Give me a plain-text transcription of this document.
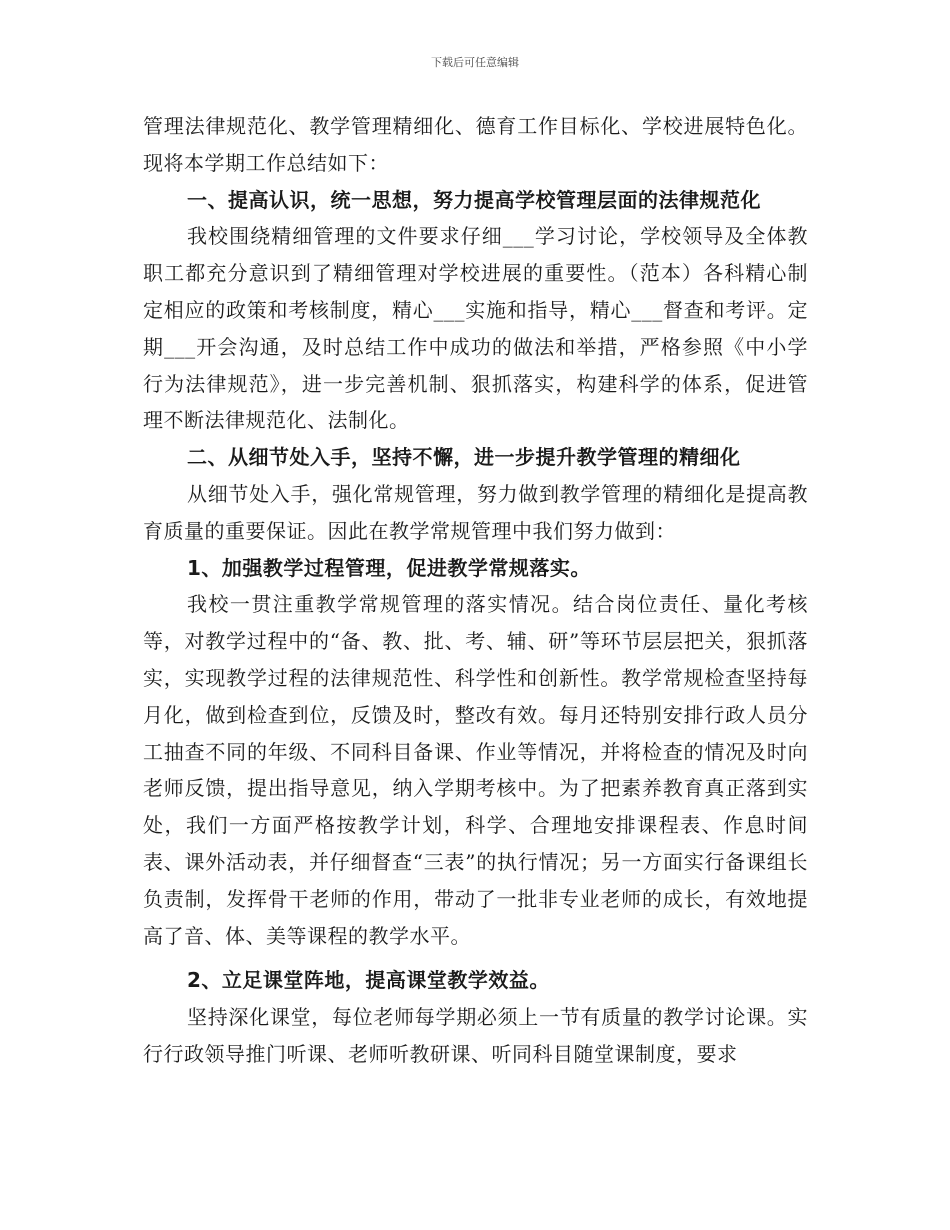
下载后可任意编辑

管理法律规范化、教学管理精细化、德育工作目标化、学校进展特色化。现将本学期工作总结如下：

一、提高认识，统一思想，努力提高学校管理层面的法律规范化

我校围绕精细管理的文件要求仔细___学习讨论，学校领导及全体教职工都充分意识到了精细管理对学校进展的重要性。（范本）各科精心制定相应的政策和考核制度，精心___实施和指导，精心___督查和考评。定期___开会沟通，及时总结工作中成功的做法和举措，严格参照《中小学行为法律规范》，进一步完善机制、狠抓落实，构建科学的体系，促进管理不断法律规范化、法制化。

二、从细节处入手，坚持不懈，进一步提升教学管理的精细化

从细节处入手，强化常规管理，努力做到教学管理的精细化是提高教育质量的重要保证。因此在教学常规管理中我们努力做到：

1、加强教学过程管理，促进教学常规落实。

我校一贯注重教学常规管理的落实情况。结合岗位责任、量化考核等，对教学过程中的“备、教、批、考、辅、研”等环节层层把关，狠抓落实，实现教学过程的法律规范性、科学性和创新性。教学常规检查坚持每月化，做到检查到位，反馈及时，整改有效。每月还特别安排行政人员分工抽查不同的年级、不同科目备课、作业等情况，并将检查的情况及时向老师反馈，提出指导意见，纳入学期考核中。为了把素养教育真正落到实处，我们一方面严格按教学计划，科学、合理地安排课程表、作息时间表、课外活动表，并仔细督查“三表”的执行情况；另一方面实行备课组长负责制，发挥骨干老师的作用，带动了一批非专业老师的成长，有效地提高了音、体、美等课程的教学水平。

2、立足课堂阵地，提高课堂教学效益。

坚持深化课堂，每位老师每学期必须上一节有质量的教学讨论课。实行行政领导推门听课、老师听教研课、听同科目随堂课制度，要求
